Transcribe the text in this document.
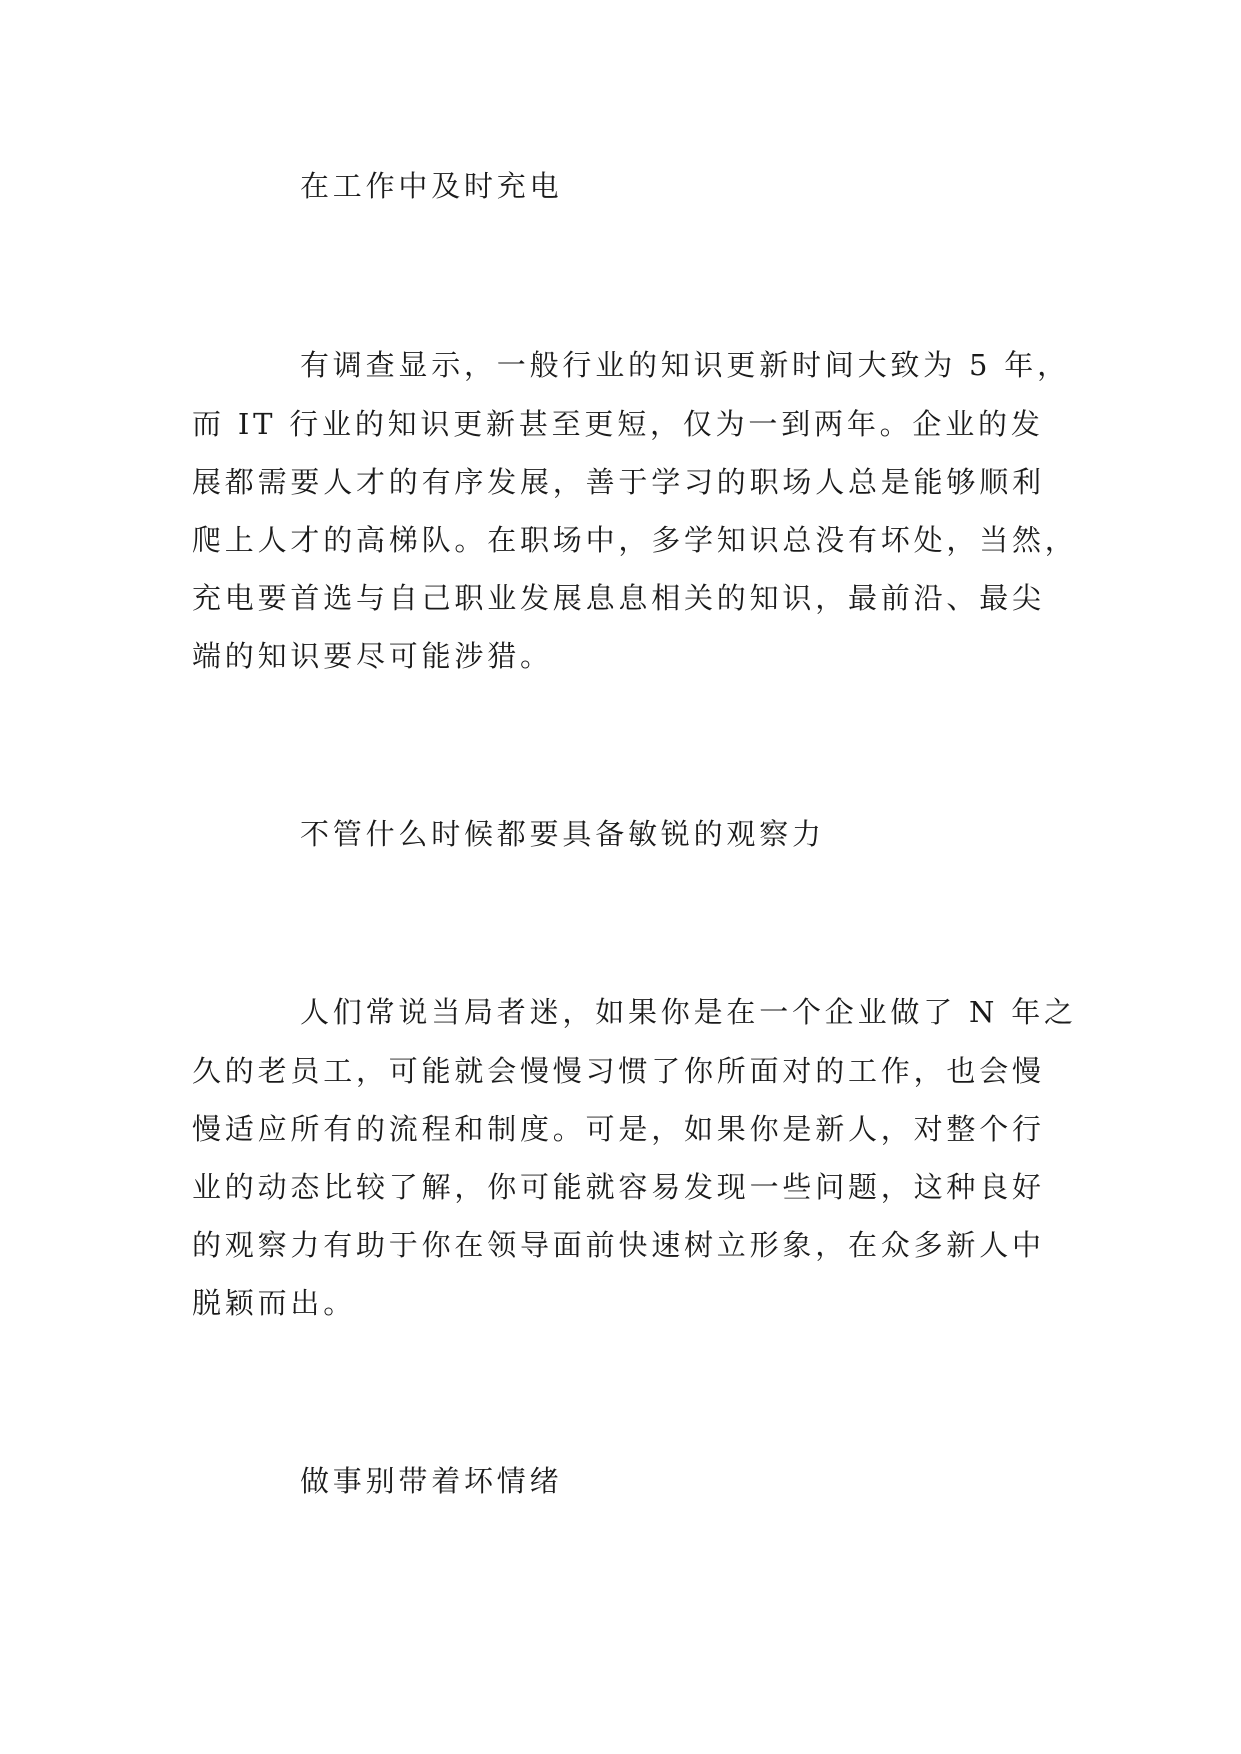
在工作中及时充电
有调查显示，一般行业的知识更新时间大致为 5 年，
而 IT 行业的知识更新甚至更短，仅为一到两年。企业的发
展都需要人才的有序发展，善于学习的职场人总是能够顺利
爬上人才的高梯队。在职场中，多学知识总没有坏处，当然，
充电要首选与自己职业发展息息相关的知识，最前沿、最尖
端的知识要尽可能涉猎。
不管什么时候都要具备敏锐的观察力
人们常说当局者迷，如果你是在一个企业做了 N 年之
久的老员工，可能就会慢慢习惯了你所面对的工作，也会慢
慢适应所有的流程和制度。可是，如果你是新人，对整个行
业的动态比较了解，你可能就容易发现一些问题，这种良好
的观察力有助于你在领导面前快速树立形象，在众多新人中
脱颖而出。
做事别带着坏情绪
